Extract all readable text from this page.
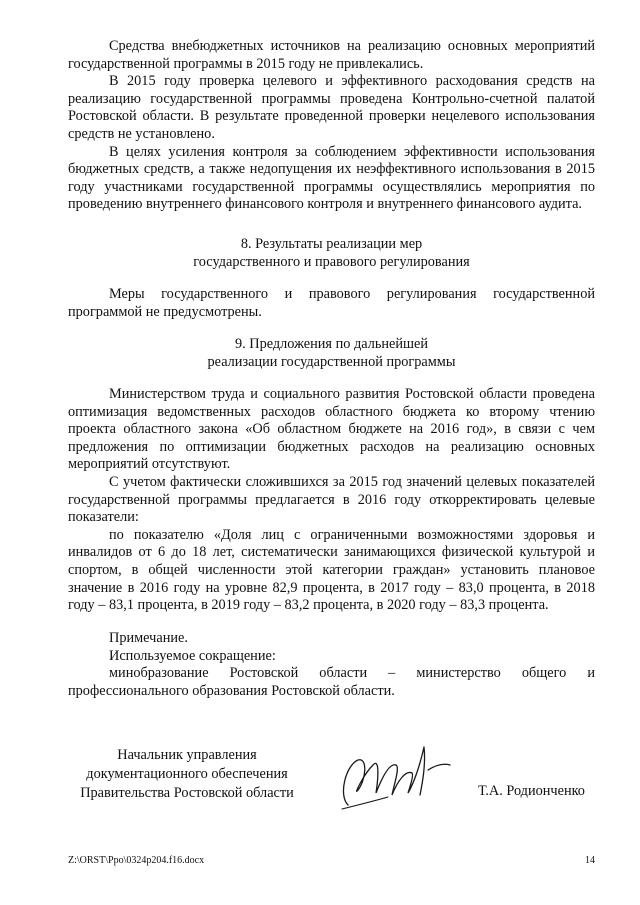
Средства внебюджетных источников на реализацию основных мероприятий государственной программы в 2015 году не привлекались.

В 2015 году проверка целевого и эффективного расходования средств на реализацию государственной программы проведена Контрольно-счетной палатой Ростовской области. В результате проведенной проверки нецелевого использования средств не установлено.

В целях усиления контроля за соблюдением эффективности использования бюджетных средств, а также недопущения их неэффективного использования в 2015 году участниками государственной программы осуществлялись мероприятия по проведению внутреннего финансового контроля и внутреннего финансового аудита.

8. Результаты реализации мер

государственного и правового регулирования

Меры государственного и правового регулирования государственной программой не предусмотрены.

9. Предложения по дальнейшей

реализации государственной программы

Министерством труда и социального развития Ростовской области проведена оптимизация ведомственных расходов областного бюджета ко второму чтению проекта областного закона «Об областном бюджете на 2016 год», в связи с чем предложения по оптимизации бюджетных расходов на реализацию основных мероприятий отсутствуют.

С учетом фактически сложившихся за 2015 год значений целевых показателей государственной программы предлагается в 2016 году откорректировать целевые показатели:

по показателю «Доля лиц с ограниченными возможностями здоровья и инвалидов от 6 до 18 лет, систематически занимающихся физической культурой и спортом, в общей численности этой категории граждан» установить плановое значение в 2016 году на уровне 82,9 процента, в 2017 году – 83,0 процента, в 2018 году – 83,1 процента, в 2019 году – 83,2 процента, в 2020 году – 83,3 процента.

Примечание.

Используемое сокращение:

минобразование Ростовской области – министерство общего и профессионального образования Ростовской области.

Начальник управления
документационного обеспечения
Правительства Ростовской области	Т.А. Родионченко
Z:\ORST\Ppo\0324p204.f16.docx	14
